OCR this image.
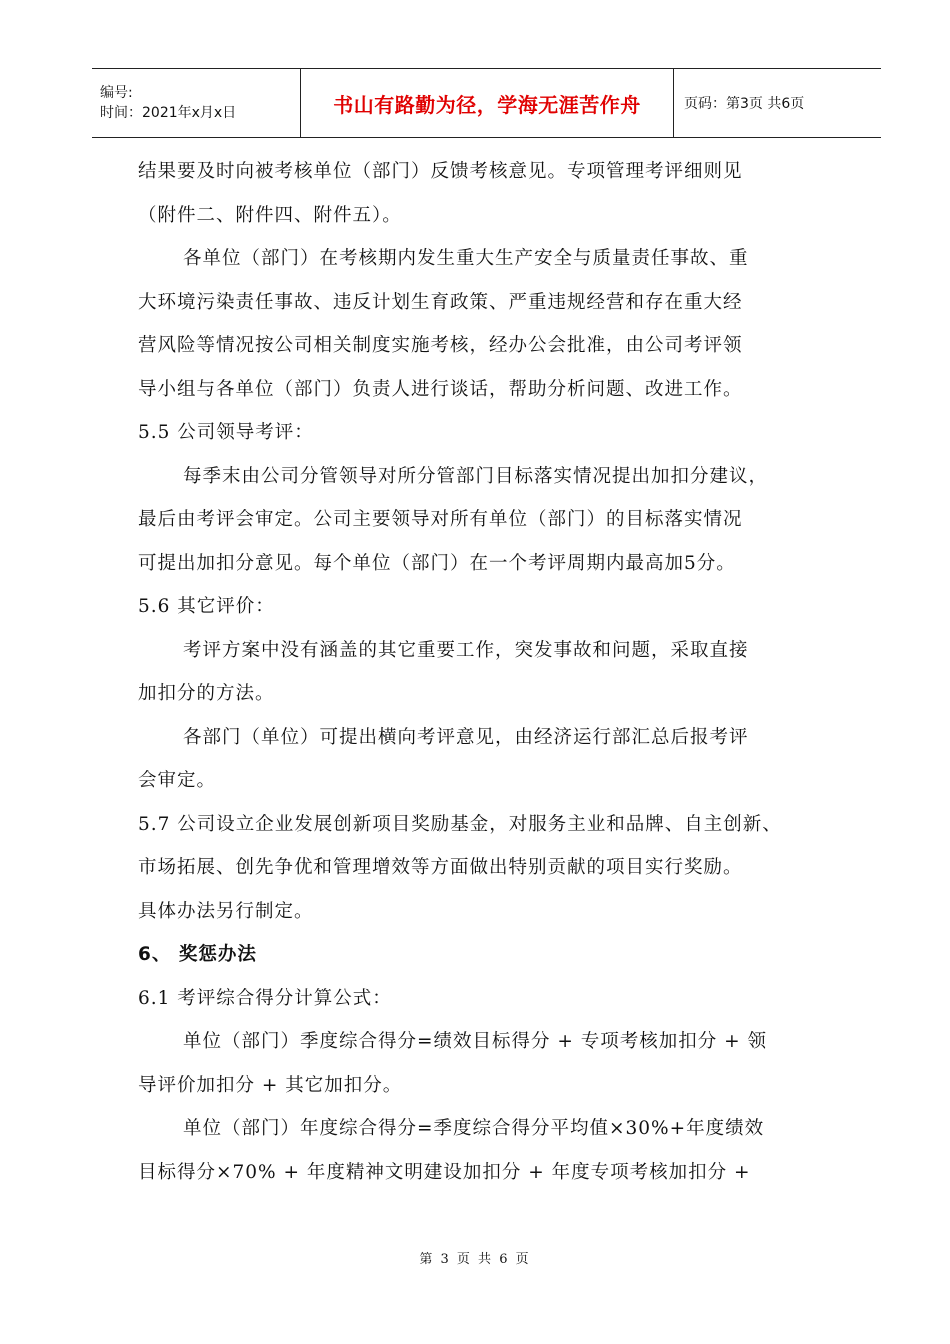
编号:
时间：2021年x月x日	书山有路勤为径，学海无涯苦作舟	页码：第3页 共6页

结果要及时向被考核单位（部门）反馈考核意见。专项管理考评细则见

（附件二、附件四、附件五）。

各单位（部门）在考核期内发生重大生产安全与质量责任事故、重

大环境污染责任事故、违反计划生育政策、严重违规经营和存在重大经

营风险等情况按公司相关制度实施考核，经办公会批准，由公司考评领

导小组与各单位（部门）负责人进行谈话，帮助分析问题、改进工作。

5.5 公司领导考评：

每季末由公司分管领导对所分管部门目标落实情况提出加扣分建议，

最后由考评会审定。公司主要领导对所有单位（部门）的目标落实情况

可提出加扣分意见。每个单位（部门）在一个考评周期内最高加5分。

5.6 其它评价：

考评方案中没有涵盖的其它重要工作，突发事故和问题，采取直接

加扣分的方法。

各部门（单位）可提出横向考评意见，由经济运行部汇总后报考评

会审定。

5.7 公司设立企业发展创新项目奖励基金，对服务主业和品牌、自主创新、

市场拓展、创先争优和管理增效等方面做出特别贡献的项目实行奖励。

具体办法另行制定。

6、 奖惩办法

6.1 考评综合得分计算公式：

单位（部门）季度综合得分=绩效目标得分 + 专项考核加扣分 + 领

导评价加扣分 + 其它加扣分。

单位（部门）年度综合得分=季度综合得分平均值×30%+年度绩效

目标得分×70% + 年度精神文明建设加扣分 + 年度专项考核加扣分 +

第 3 页 共 6 页
